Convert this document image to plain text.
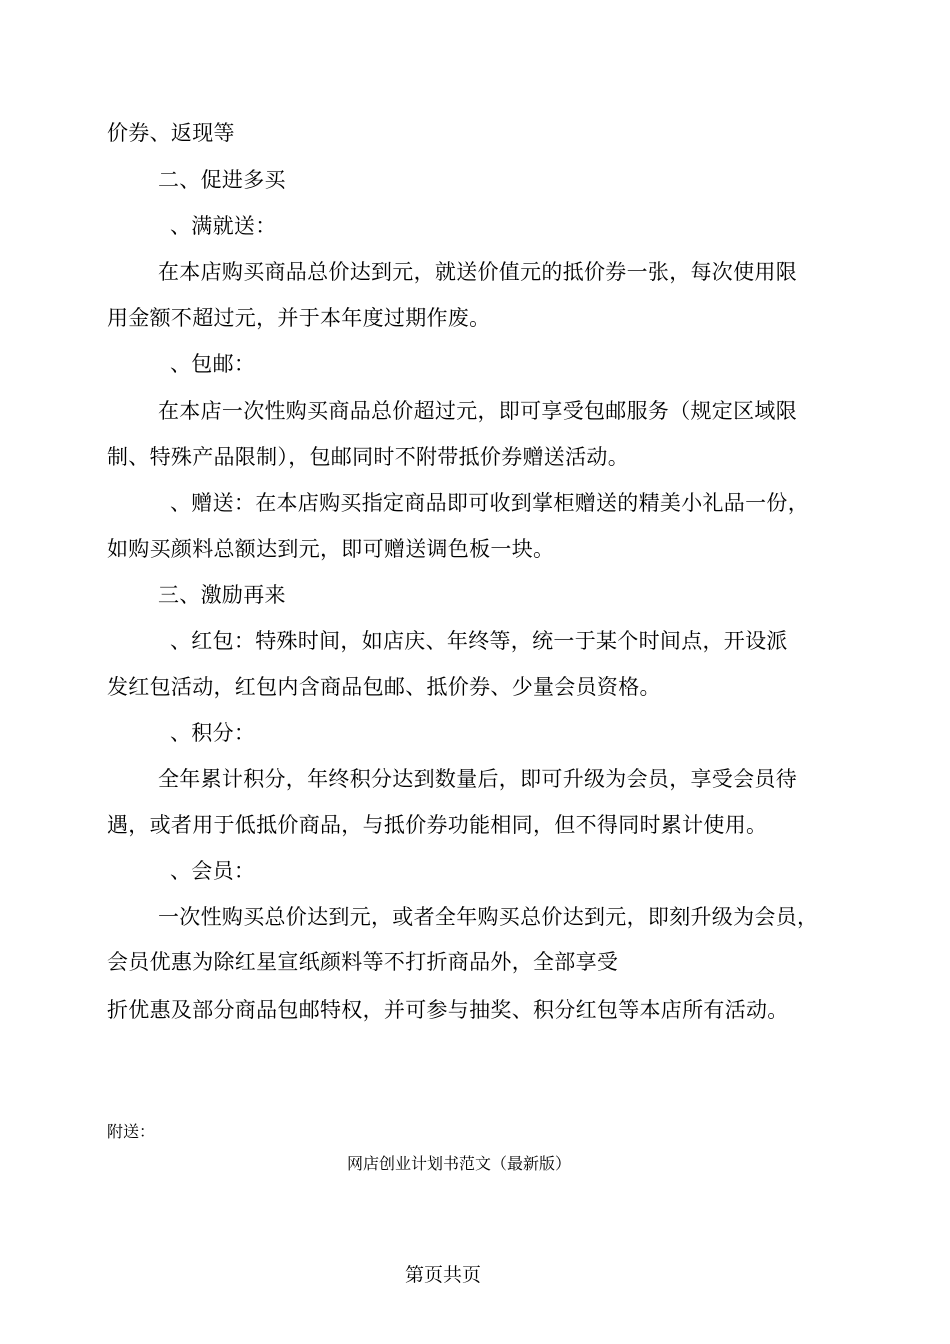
价券、返现等
二、促进多买
、满就送：
在本店购买商品总价达到元，就送价值元的抵价券一张，每次使用限
用金额不超过元，并于本年度过期作废。
、包邮：
在本店一次性购买商品总价超过元，即可享受包邮服务（规定区域限
制、特殊产品限制），包邮同时不附带抵价券赠送活动。
、赠送：在本店购买指定商品即可收到掌柜赠送的精美小礼品一份，
如购买颜料总额达到元，即可赠送调色板一块。
三、激励再来
、红包：特殊时间，如店庆、年终等，统一于某个时间点，开设派
发红包活动，红包内含商品包邮、抵价券、少量会员资格。
、积分：
全年累计积分，年终积分达到数量后，即可升级为会员，享受会员待
遇，或者用于低抵价商品，与抵价券功能相同，但不得同时累计使用。
、会员：
一次性购买总价达到元，或者全年购买总价达到元，即刻升级为会员，
会员优惠为除红星宣纸颜料等不打折商品外，全部享受
折优惠及部分商品包邮特权，并可参与抽奖、积分红包等本店所有活动。
附送：
网店创业计划书范文（最新版）
第页共页
